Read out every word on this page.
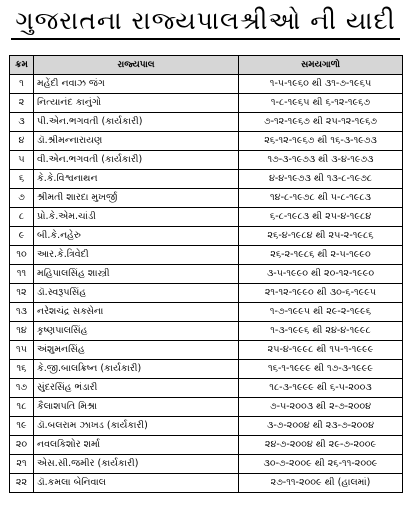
ગુજરાતના રાજ્યપાલશ્રીઓ ની યાદી
ક્રમ	રાજ્યપાલ	સમયગાળો
૧	મહેંદી નવાઝ જંગ	૧-૫-૧૯૬૦ થી ૩૧-૭-૧૯૬૫
૨	નિત્યાનંદ કાનુંગો	૧-૮-૧૯૬૫ થી ૬-૧૨-૧૯૬૭
૩	પી.એન.ભગવતી (કાર્યકારી)	૭-૧૨-૧૯૬૭ થી ૨૫-૧૨-૧૯૬૭
૪	ડૉ.શ્રીમન્નારાયણ	૨૬-૧૨-૧૯૬૭ થી ૧૬-૩-૧૯૭૩
૫	વી.એન.ભગવતી (કાર્યકારી)	૧૭-૩-૧૯૭૩ થી ૩-૪-૧૯૭૩
૬	કે.કે.વિશ્વનાથન	૪-૪-૧૯૭૩ થી ૧૩-૮-૧૯૭૮
૭	શ્રીમતી શારદા મુખર્જી	૧૪-૮-૧૯૭૮ થી ૫-૮-૧૯૮૩
૮	પ્રો.કે.એમ.ચાંડી	૬-૮-૧૯૮૩ થી ૨૫-૪-૧૯૮૪
૯	બી.કે.નહેરુ	૨૬-૪-૧૯૮૪ થી ૨૫-૨-૧૯૮૬
૧૦	આર.કે.ત્રિવેદી	૨૬-૨-૧૯૮૬ થી ૨-૫-૧૯૯૦
૧૧	મહિપાલસિંહ શાસ્ત્રી	૩-૫-૧૯૯૦ થી ૨૦-૧૨-૧૯૯૦
૧૨	ડૉ.સ્વરૂપસિંહ	૨૧-૧૨-૧૯૯૦ થી ૩૦-૬-૧૯૯૫
૧૩	નરેશચંદ્ર સક્સેના	૧-૭-૧૯૯૫ થી ૨૯-૨-૧૯૯૬
૧૪	કૃષ્ણપાલસિંહ	૧-૩-૧૯૯૬ થી ૨૪-૪-૧૯૯૮
૧૫	અંશુમનસિંહ	૨૫-૪-૧૯૯૮ થી ૧૫-૧-૧૯૯૯
૧૬	કે.જી.બાલક્રિષ્ન (કાર્યકારી)	૧૬-૧-૧૯૯૯ થી ૧૭-૩-૧૯૯૯
૧૭	સુંદરસિંહ ભંડારી	૧૮-૩-૧૯૯૯ થી ૬-૫-૨૦૦૩
૧૮	કૈલાશપતિ મિશ્રા	૭-૫-૨૦૦૩ થી ૨-૭-૨૦૦૪
૧૯	ડૉ.બલરામ ઝાખડ (કાર્યકારી)	૩-૭-૨૦૦૪ થી ૨૩-૭-૨૦૦૪
૨૦	નવલકિશોર શર્મા	૨૪-૭-૨૦૦૪ થી ૨૯-૭-૨૦૦૯
૨૧	એસ.સી.જમીર (કાર્યકારી)	૩૦-૭-૨૦૦૯ થી ૨૬-૧૧-૨૦૦૯
૨૨	ડૉ.કમલા બેનિવાલ	૨૭-૧૧-૨૦૦૯ થી (હાલમાં)
